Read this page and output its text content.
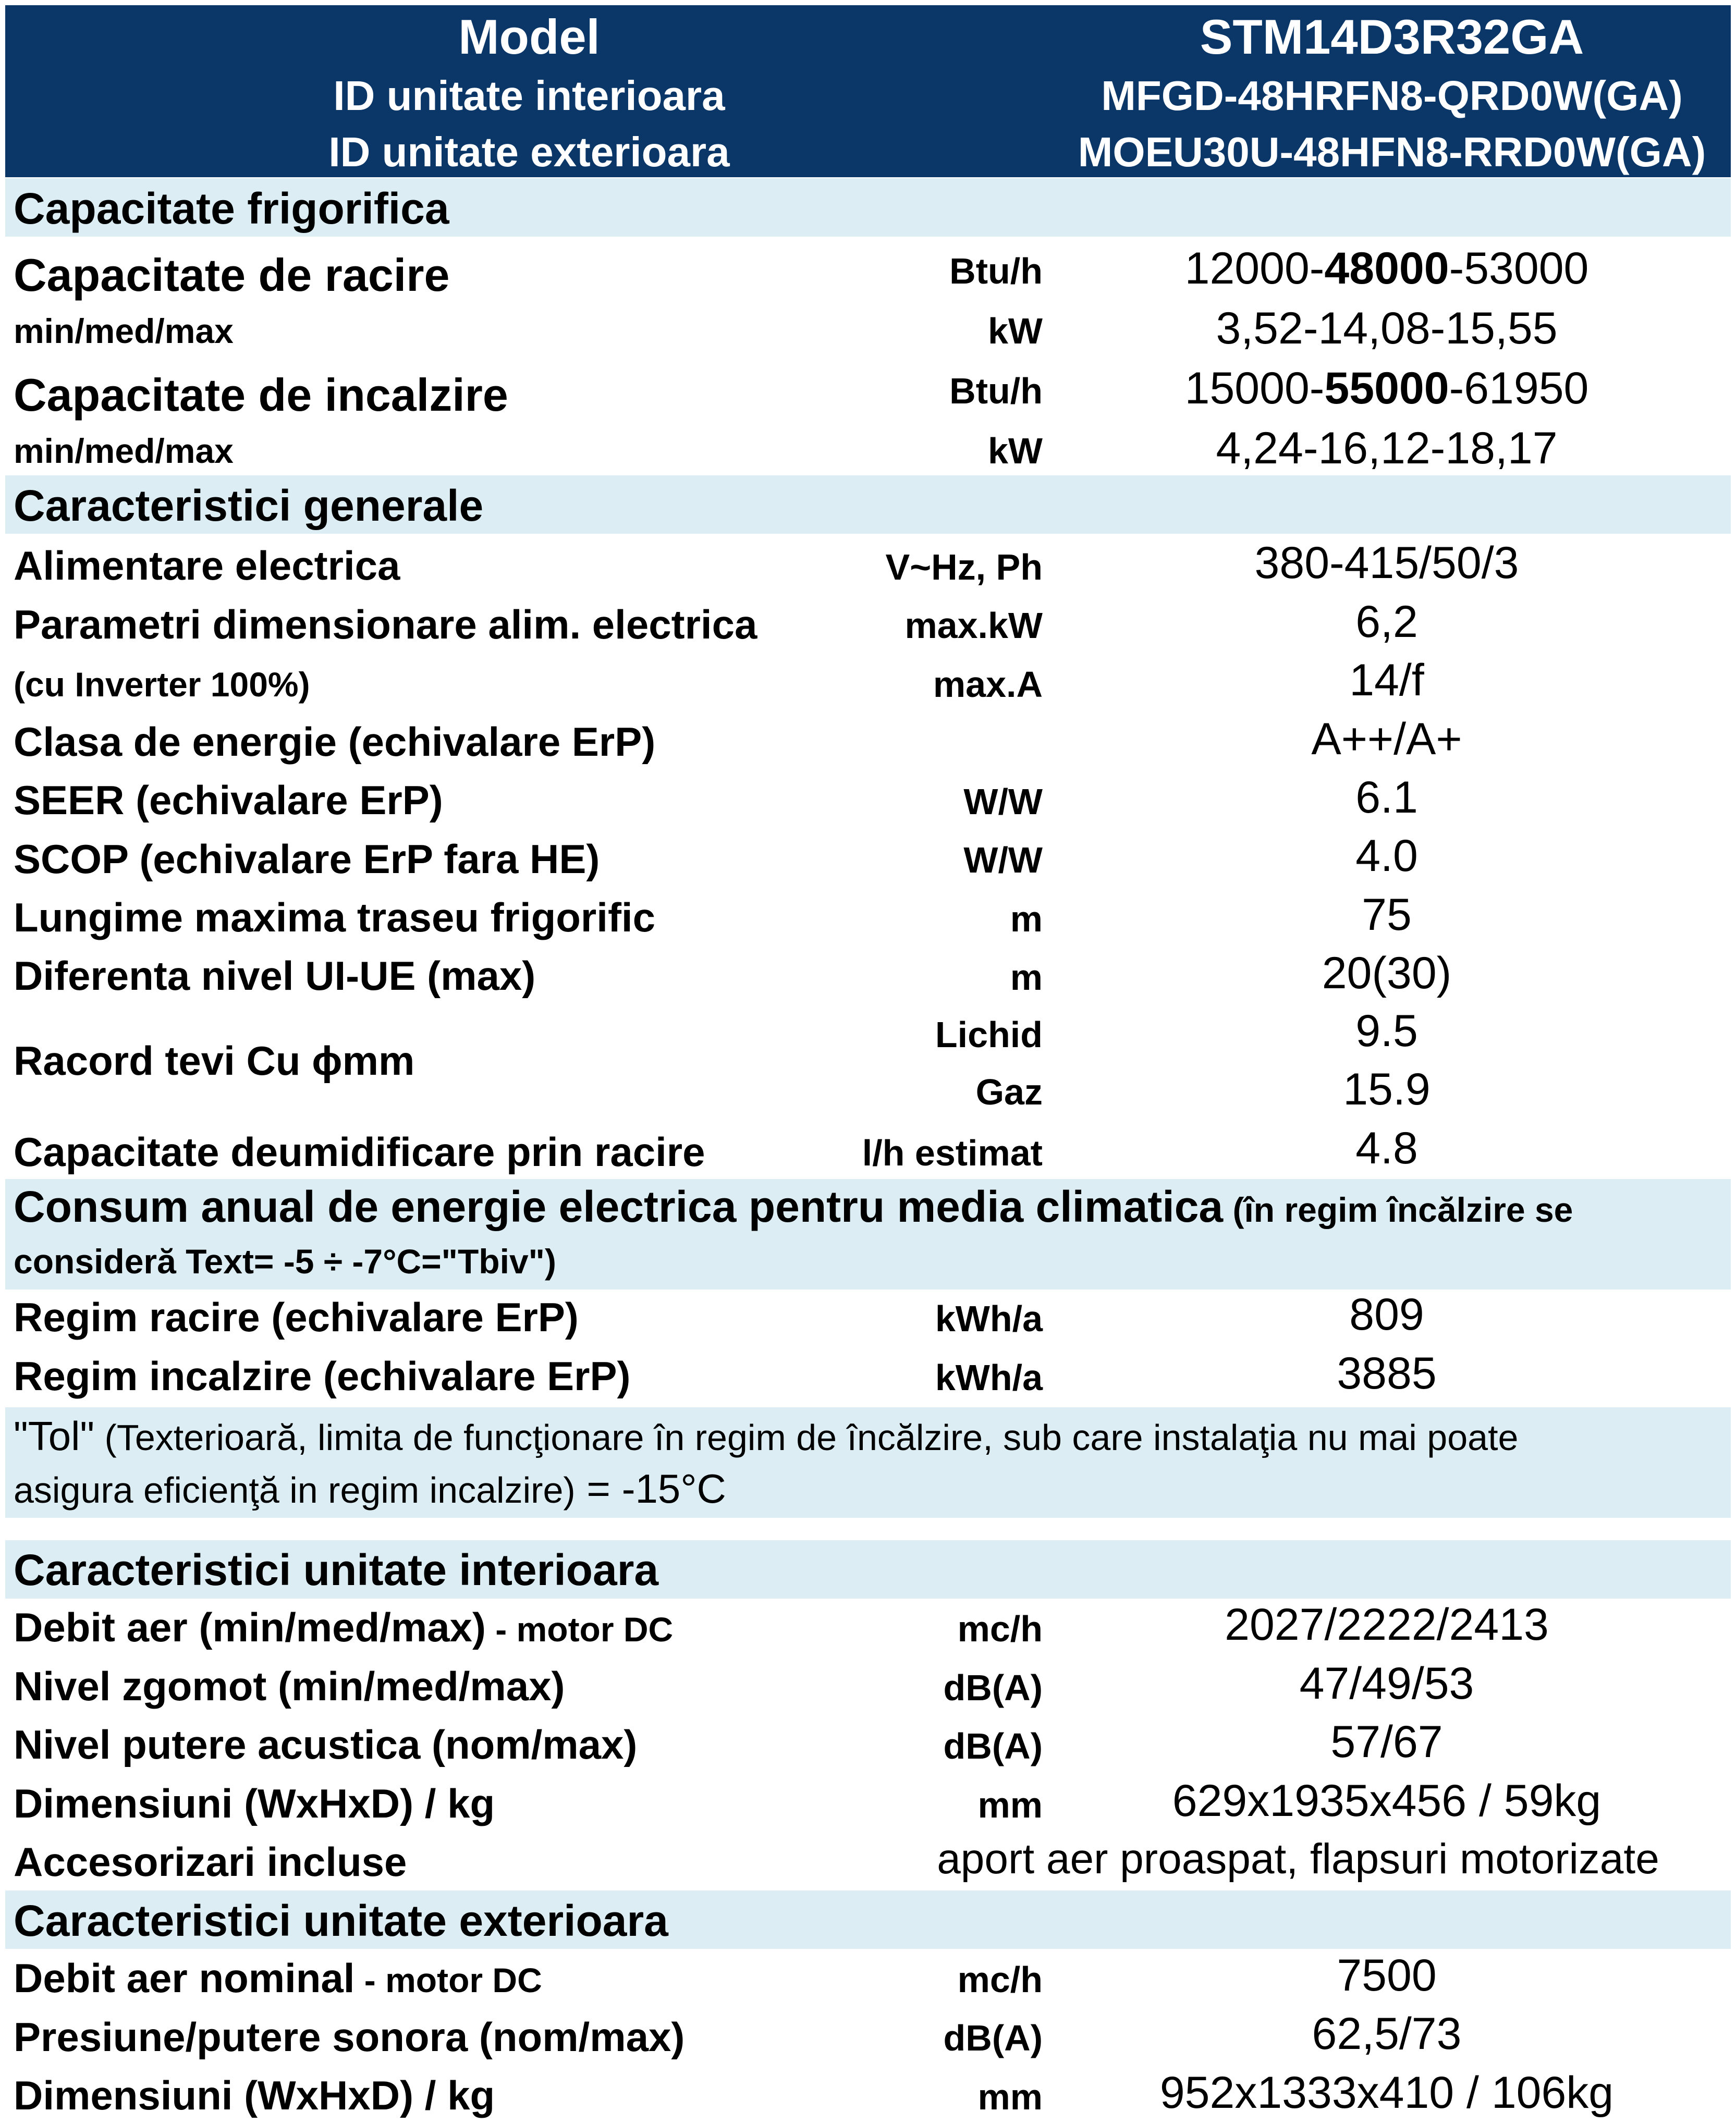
Model	STM14D3R32GA
ID unitate interioara	MFGD-48HRFN8-QRD0W(GA)
ID unitate exterioara	MOEU30U-48HFN8-RRD0W(GA)
Capacitate frigorifica
Capacitate de racire	Btu/h	12000-48000-53000
min/med/max	kW	3,52-14,08-15,55
Capacitate de incalzire	Btu/h	15000-55000-61950
min/med/max	kW	4,24-16,12-18,17
Caracteristici generale
Alimentare electrica	V~Hz, Ph	380-415/50/3
Parametri dimensionare alim. electrica	max.kW	6,2
(cu Inverter 100%)	max.A	14/f
Clasa de energie (echivalare ErP)	A++/A+
SEER (echivalare ErP)	W/W	6.1
SCOP (echivalare ErP fara HE)	W/W	4.0
Lungime maxima traseu frigorific	m	75
Diferenta nivel UI-UE (max)	m	20(30)
Racord tevi Cu ϕmm
Lichid	9.5
Gaz	15.9
Capacitate deumidificare prin racire	l/h estimat	4.8
Consum anual de energie electrica pentru media climatica (în regim încălzire se
consideră Text= -5 ÷ -7°C="Tbiv")
Regim racire (echivalare ErP)	kWh/a	809
Regim incalzire (echivalare ErP)	kWh/a	3885
"Tol" (Texterioară, limita de funcţionare în regim de încălzire, sub care instalaţia nu mai poate
asigura eficienţă in regim incalzire) = -15°C
Caracteristici unitate interioara
Debit aer (min/med/max) - motor DC	mc/h	2027/2222/2413
Nivel zgomot (min/med/max)	dB(A)	47/49/53
Nivel putere acustica (nom/max)	dB(A)	57/67
Dimensiuni (WxHxD) / kg	mm	629x1935x456 / 59kg
Accesorizari incluse	aport aer proaspat, flapsuri motorizate
Caracteristici unitate exterioara
Debit aer nominal - motor DC	mc/h	7500
Presiune/putere sonora (nom/max)	dB(A)	62,5/73
Dimensiuni (WxHxD) / kg	mm	952x1333x410 / 106kg
